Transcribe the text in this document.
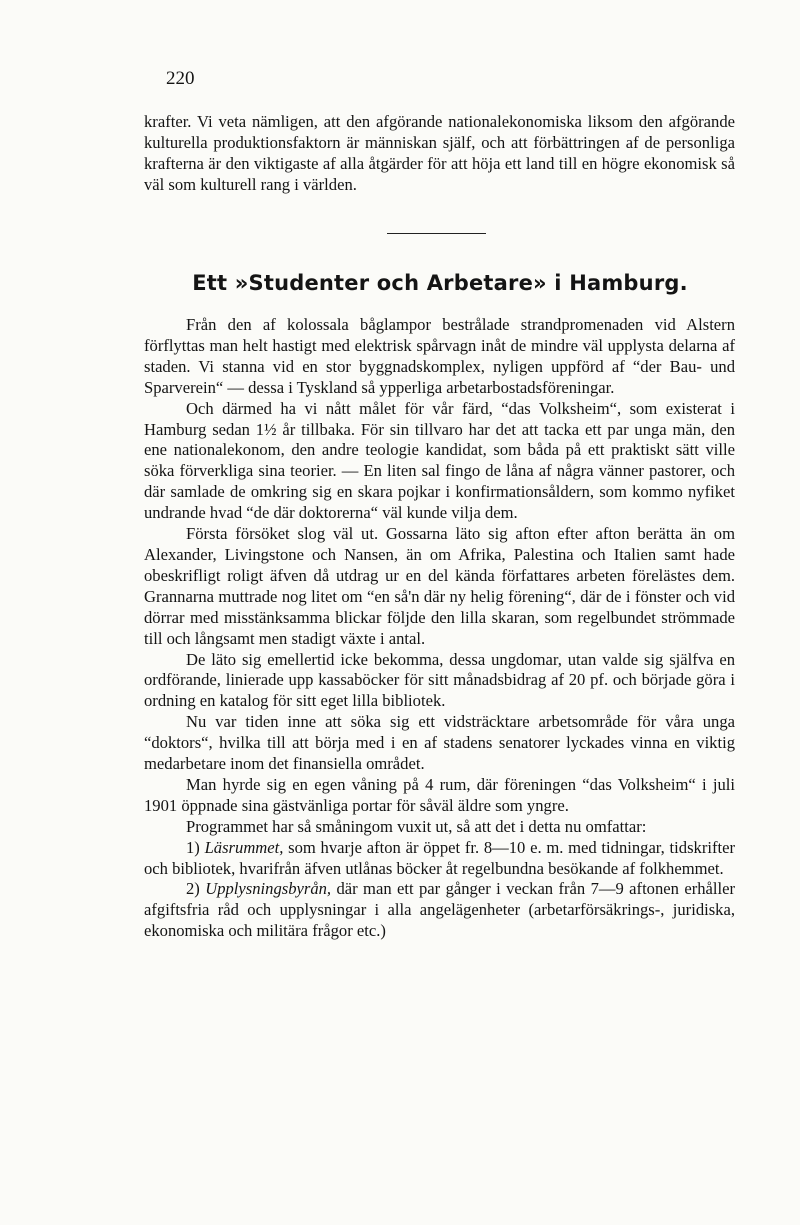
220

krafter. Vi veta nämligen, att den afgörande nationalekonomiska liksom den afgörande kulturella produktionsfaktorn är människan själf, och att förbättringen af de personliga krafterna är den viktigaste af alla åtgärder för att höja ett land till en högre ekonomisk så väl som kulturell rang i världen.

Ett »Studenter och Arbetare» i Hamburg.

Från den af kolossala båglampor bestrålade strandpromenaden vid Alstern förflyttas man helt hastigt med elektrisk spårvagn inåt de mindre väl upplysta delarna af staden. Vi stanna vid en stor byggnadskomplex, nyligen uppförd af “der Bau- und Sparverein“ — dessa i Tyskland så ypperliga arbetarbostadsföreningar.

Och därmed ha vi nått målet för vår färd, “das Volksheim“, som existerat i Hamburg sedan 1½ år tillbaka. För sin tillvaro har det att tacka ett par unga män, den ene nationalekonom, den andre teologie kandidat, som båda på ett praktiskt sätt ville söka förverkliga sina teorier. — En liten sal fingo de låna af några vänner pastorer, och där samlade de omkring sig en skara pojkar i konfirmationsåldern, som kommo nyfiket undrande hvad “de där doktorerna“ väl kunde vilja dem.

Första försöket slog väl ut. Gossarna läto sig afton efter afton berätta än om Alexander, Livingstone och Nansen, än om Afrika, Palestina och Italien samt hade obeskrifligt roligt äfven då utdrag ur en del kända författares arbeten förelästes dem. Grannarna muttrade nog litet om “en så'n där ny helig förening“, där de i fönster och vid dörrar med misstänksamma blickar följde den lilla skaran, som regelbundet strömmade till och långsamt men stadigt växte i antal.

De läto sig emellertid icke bekomma, dessa ungdomar, utan valde sig själfva en ordförande, linierade upp kassaböcker för sitt månadsbidrag af 20 pf. och började göra i ordning en katalog för sitt eget lilla bibliotek.

Nu var tiden inne att söka sig ett vidsträcktare arbetsområde för våra unga “doktors“, hvilka till att börja med i en af stadens senatorer lyckades vinna en viktig medarbetare inom det finansiella området.

Man hyrde sig en egen våning på 4 rum, där föreningen “das Volksheim“ i juli 1901 öppnade sina gästvänliga portar för såväl äldre som yngre.

Programmet har så småningom vuxit ut, så att det i detta nu omfattar:

1) Läsrummet, som hvarje afton är öppet fr. 8—10 e. m. med tidningar, tidskrifter och bibliotek, hvarifrån äfven utlånas böcker åt regelbundna besökande af folkhemmet.

2) Upplysningsbyrån, där man ett par gånger i veckan från 7—9 aftonen erhåller afgiftsfria råd och upplysningar i alla angelägenheter (arbetarförsäkrings-, juridiska, ekonomiska och militära frågor etc.)
